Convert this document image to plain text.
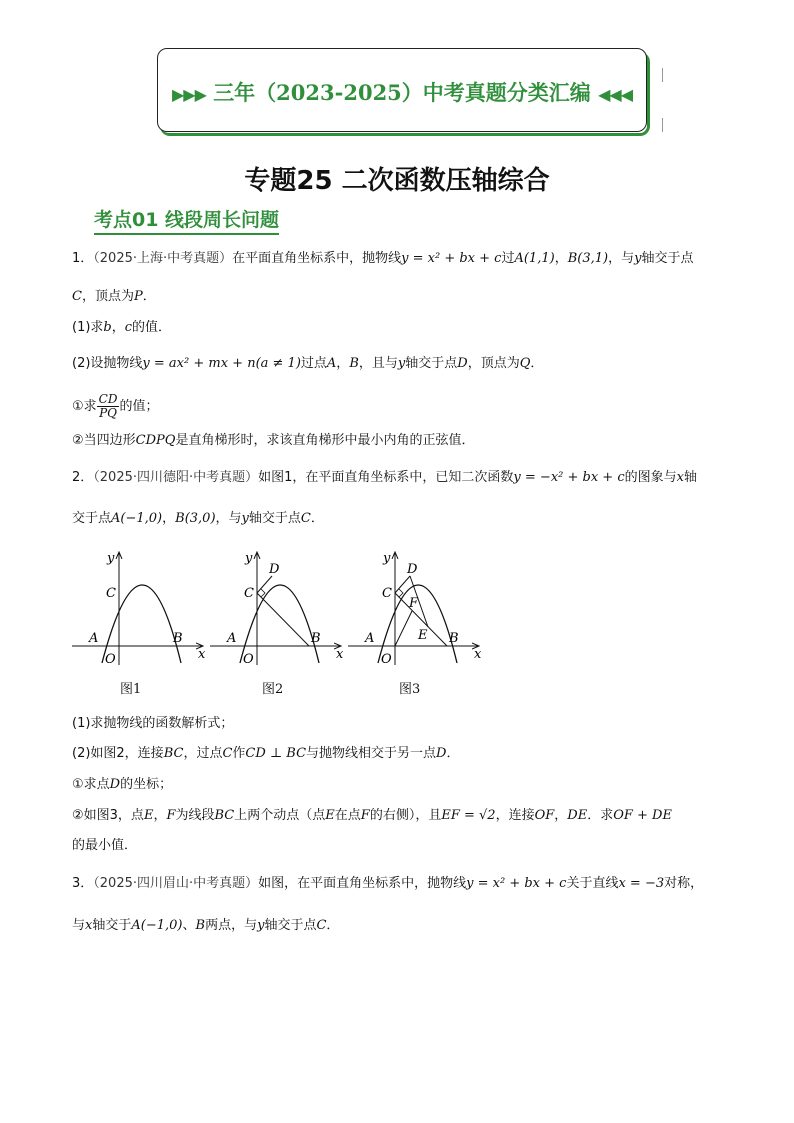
▶▶▶ 三年（2023-2025）中考真题分类汇编 ◀◀◀
专题25 二次函数压轴综合
考点01 线段周长问题
1．（2025·上海·中考真题）在平面直角坐标系中，抛物线y = x² + bx + c过A(1,1)，B(3,1)，与y轴交于点
C，顶点为P．
(1)求b，c的值．
(2)设抛物线y = ax² + mx + n(a ≠ 1)过点A，B，且与y轴交于点D，顶点为Q．
①求 $\frac{CD}{PQ}$ 的值；
②当四边形CDPQ是直角梯形时，求该直角梯形中最小内角的正弦值．
2．（2025·四川德阳·中考真题）如图1，在平面直角坐标系中，已知二次函数y = −x² + bx + c的图象与x轴
交于点A(−1,0)，B(3,0)，与y轴交于点C．
y
x
O
A	B
C
y
x
O
A	B
C
D
y
x
O
A	B
C
D
F
E
图1	图2	图3
(1)求抛物线的函数解析式；
(2)如图2，连接BC，过点C作CD ⊥ BC与抛物线相交于另一点D．
①求点D的坐标；
②如图3，点E，F为线段BC上两个动点（点E在点F的右侧），且EF = √2，连接OF，DE．求OF + DE
的最小值．
3．（2025·四川眉山·中考真题）如图，在平面直角坐标系中，抛物线y = x² + bx + c关于直线x = −3对称，
与x轴交于A(−1,0)、B两点，与y轴交于点C．
